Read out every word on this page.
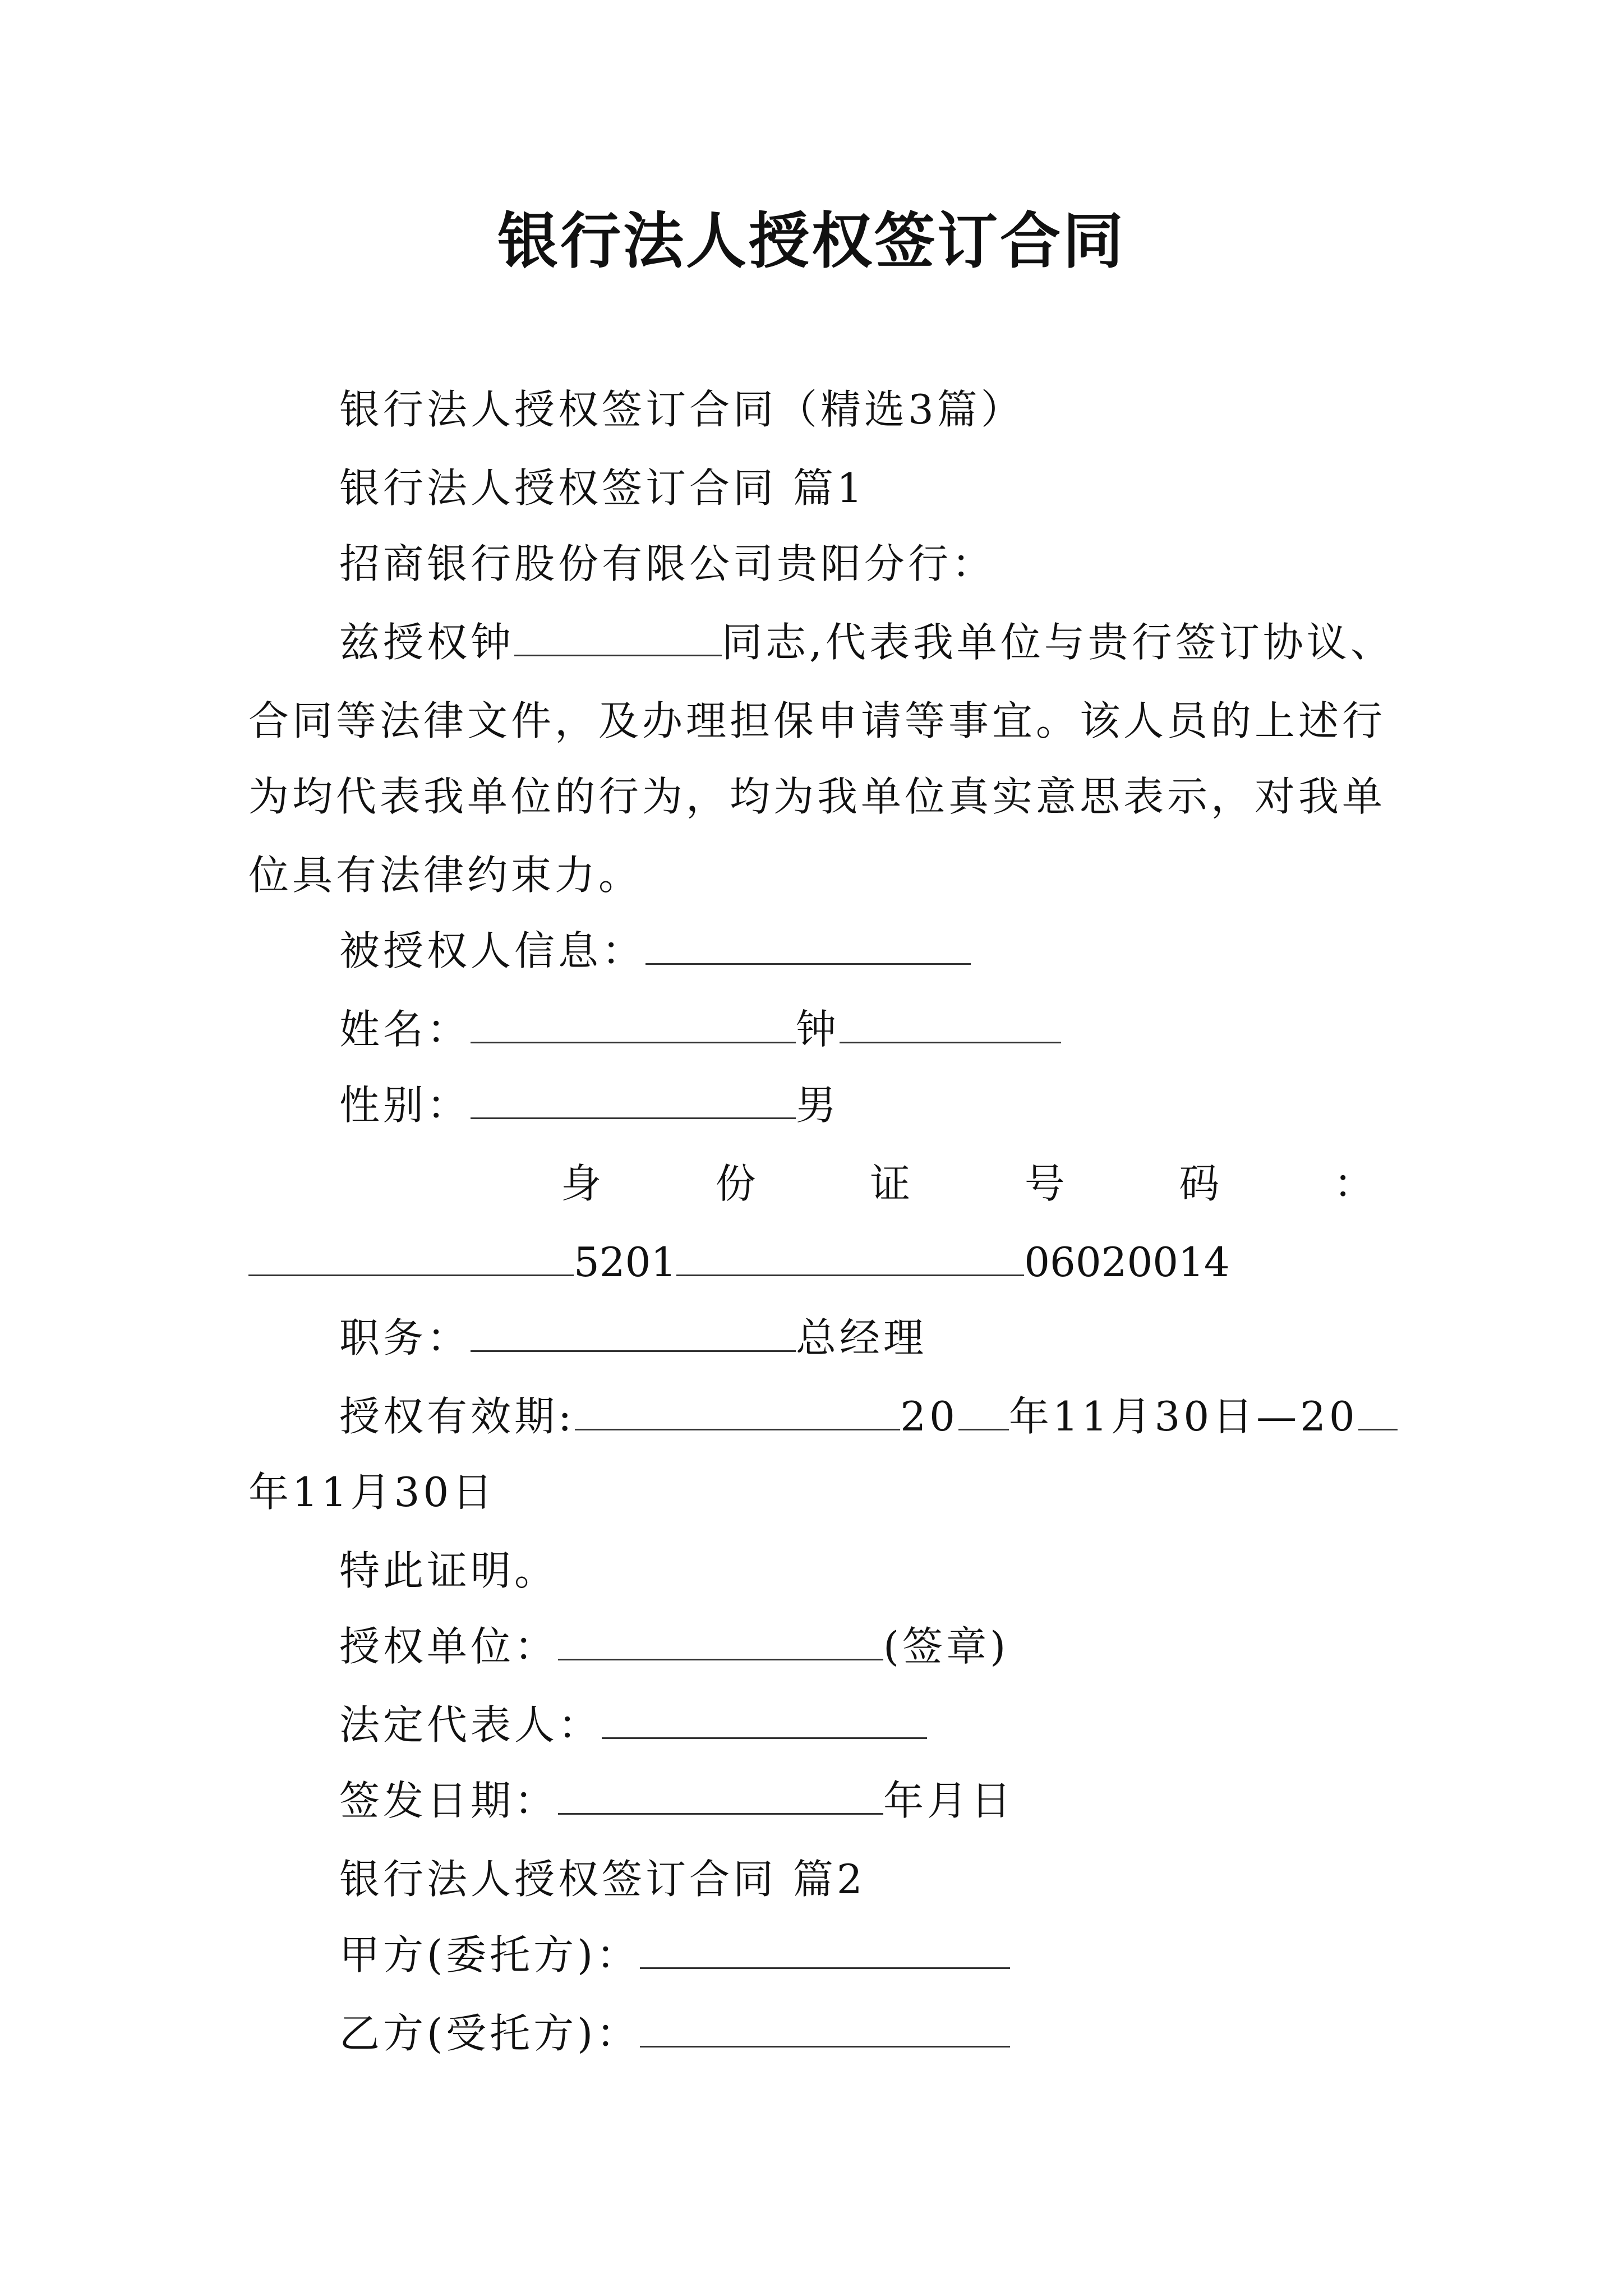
银行法人授权签订合同
银行法人授权签订合同（精选3篇）
银行法人授权签订合同 篇1
招商银行股份有限公司贵阳分行：
兹授权钟	同志,代表我单位与贵行签订协议、
合同等法律文件，及办理担保申请等事宜。该人员的上述行
为均代表我单位的行为，均为我单位真实意思表示，对我单
位具有法律约束力。
被授权人信息：
姓名：	钟
性别：	男
身	份	证	号	码	：
5201	06020014
职务：	总经理
授权有效期:	20 年11月30日—20
年11月30日
特此证明。
授权单位：	(签章)
法定代表人：
签发日期：	年月日
银行法人授权签订合同 篇2
甲方(委托方)：
乙方(受托方)：
